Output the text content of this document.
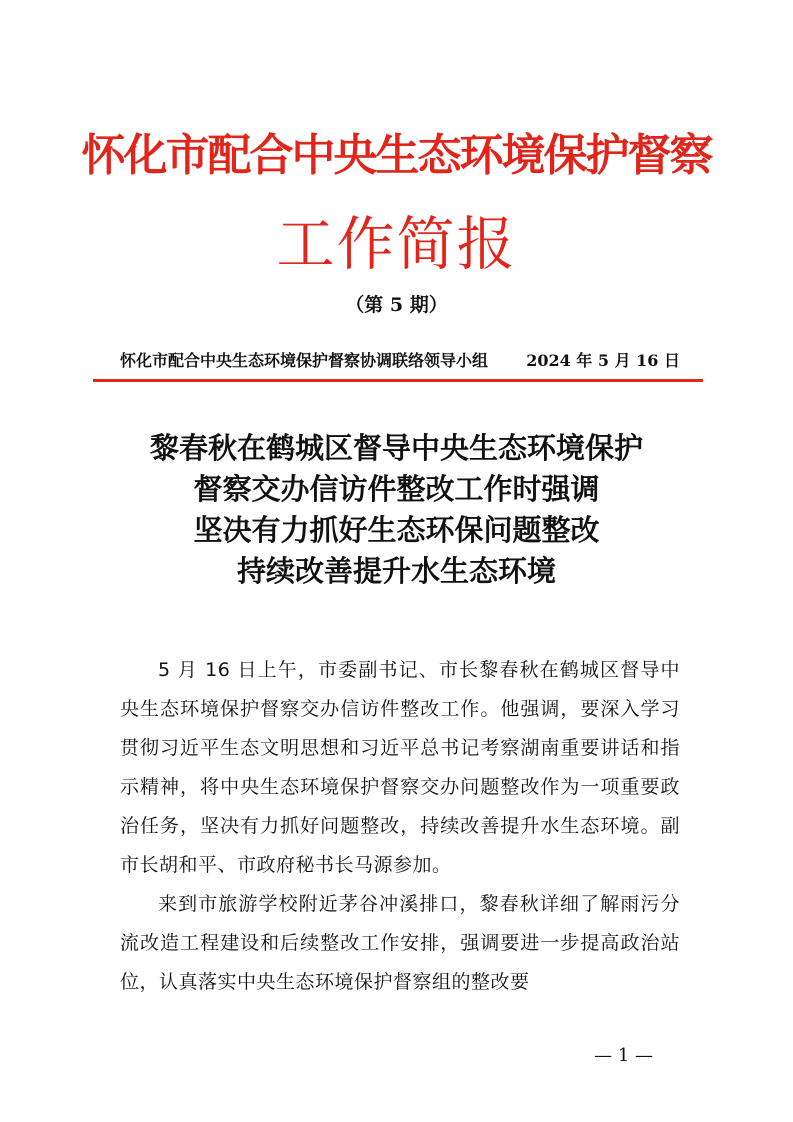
怀化市配合中央生态环境保护督察
工作简报
（第 5 期）
怀化市配合中央生态环境保护督察协调联络领导小组 2024 年 5 月 16 日
黎春秋在鹤城区督导中央生态环境保护
督察交办信访件整改工作时强调
坚决有力抓好生态环保问题整改
持续改善提升水生态环境

5 月 16 日上午，市委副书记、市长黎春秋在鹤城区督导中央生态环境保护督察交办信访件整改工作。他强调，要深入学习贯彻习近平生态文明思想和习近平总书记考察湖南重要讲话和指示精神，将中央生态环境保护督察交办问题整改作为一项重要政治任务，坚决有力抓好问题整改，持续改善提升水生态环境。副市长胡和平、市政府秘书长马源参加。

来到市旅游学校附近茅谷冲溪排口，黎春秋详细了解雨污分流改造工程建设和后续整改工作安排，强调要进一步提高政治站位，认真落实中央生态环境保护督察组的整改要

— 1 —
